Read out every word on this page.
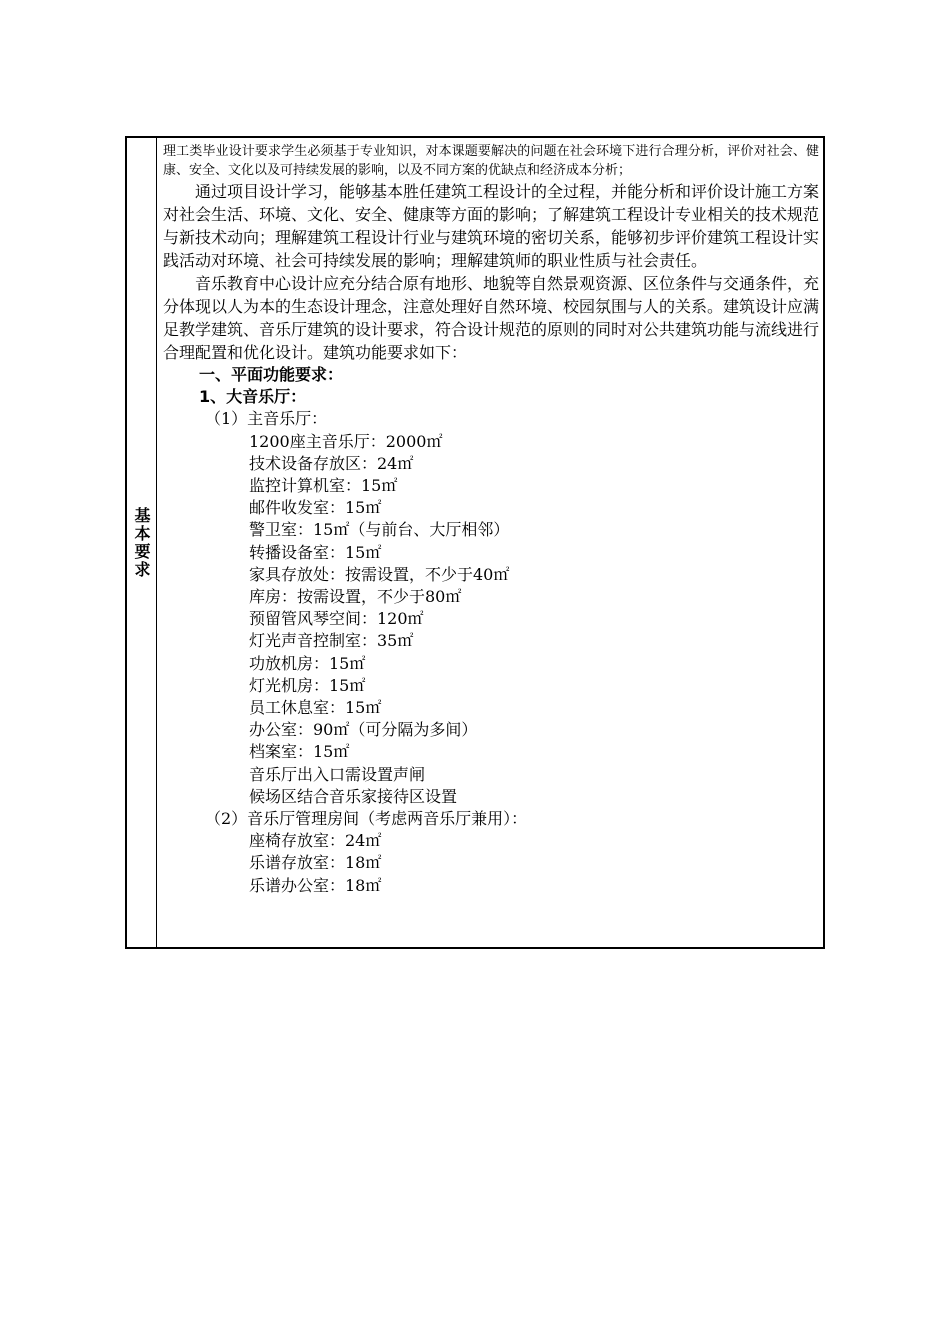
基本要求

理工类毕业设计要求学生必须基于专业知识，对本课题要解决的问题在社会环境下进行合理分析，评价对社会、健康、安全、文化以及可持续发展的影响，以及不同方案的优缺点和经济成本分析；

通过项目设计学习，能够基本胜任建筑工程设计的全过程，并能分析和评价设计施工方案对社会生活、环境、文化、安全、健康等方面的影响；了解建筑工程设计专业相关的技术规范与新技术动向；理解建筑工程设计行业与建筑环境的密切关系，能够初步评价建筑工程设计实践活动对环境、社会可持续发展的影响；理解建筑师的职业性质与社会责任。

音乐教育中心设计应充分结合原有地形、地貌等自然景观资源、区位条件与交通条件，充分体现以人为本的生态设计理念，注意处理好自然环境、校园氛围与人的关系。建筑设计应满足教学建筑、音乐厅建筑的设计要求，符合设计规范的原则的同时对公共建筑功能与流线进行合理配置和优化设计。建筑功能要求如下：

一、平面功能要求：

1、大音乐厅：

（1）主音乐厅：

1200座主音乐厅：2000㎡

技术设备存放区：24㎡

监控计算机室：15㎡

邮件收发室：15㎡

警卫室：15㎡（与前台、大厅相邻）

转播设备室：15㎡

家具存放处：按需设置，不少于40㎡

库房：按需设置，不少于80㎡

预留管风琴空间：120㎡

灯光声音控制室：35㎡

功放机房：15㎡

灯光机房：15㎡

员工休息室：15㎡

办公室：90㎡（可分隔为多间）

档案室：15㎡

音乐厅出入口需设置声闸

候场区结合音乐家接待区设置

（2）音乐厅管理房间（考虑两音乐厅兼用）：

座椅存放室：24㎡

乐谱存放室：18㎡

乐谱办公室：18㎡
